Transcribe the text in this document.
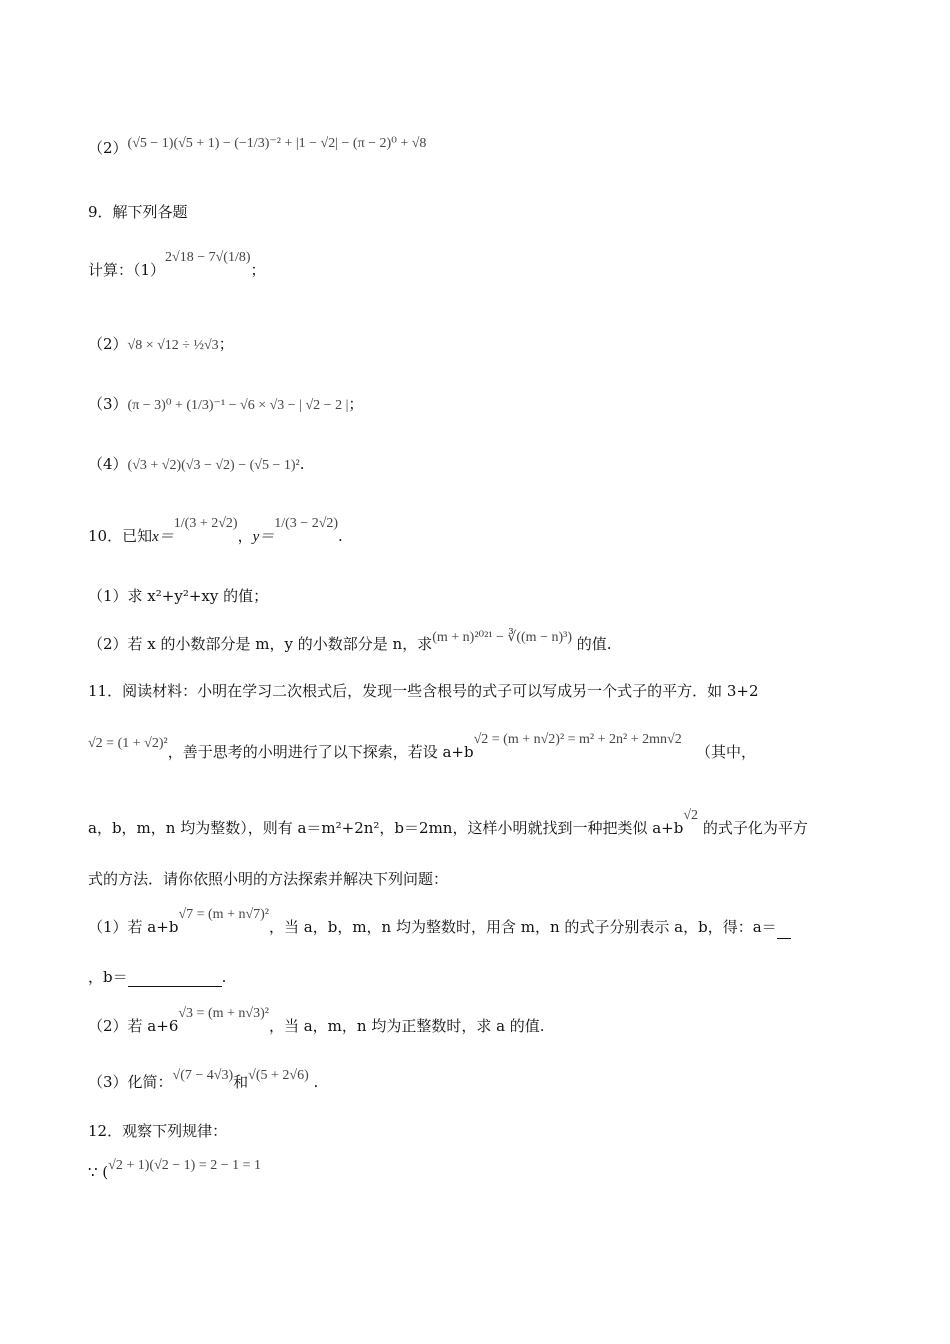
（2）(√5 − 1)(√5 + 1) − (−1/3)⁻² + |1 − √2| − (π − 2)⁰ + √8
9．解下列各题
计算：（1）2√18 − 7√(1/8)；
（2）√8 × √12 ÷ ½√3；
（3）(π − 3)⁰ + (1/3)⁻¹ − √6 × √3 − | √2 − 2 |；
（4）(√3 + √2)(√3 − √2) − (√5 − 1)².
10．已知x＝1/(3 + 2√2)，y＝1/(3 − 2√2).
（1）求 x²+y²+xy 的值；
（2）若 x 的小数部分是 m，y 的小数部分是 n，求(m + n)²⁰²¹ − ∛((m − n)³) 的值.
11．阅读材料：小明在学习二次根式后，发现一些含根号的式子可以写成另一个式子的平方．如 3+2
√2 = (1 + √2)²，善于思考的小明进行了以下探索，若设 a+b√2 = (m + n√2)² = m² + 2n² + 2mn√2   （其中，
a，b，m，n 均为整数），则有 a＝m²+2n²，b＝2mn，这样小明就找到一种把类似 a+b√2 的式子化为平方
式的方法．请你依照小明的方法探索并解决下列问题：
（1）若 a+b√7 = (m + n√7)²，当 a，b，m，n 均为整数时，用含 m，n 的式子分别表示 a，b，得：a＝
，b＝	.
（2）若 a+6√3 = (m + n√3)²，当 a，m，n 均为正整数时，求 a 的值.
（3）化简：√(7 − 4√3)和√(5 + 2√6) .
12．观察下列规律：
∵ (√2 + 1)(√2 − 1) = 2 − 1 = 1
